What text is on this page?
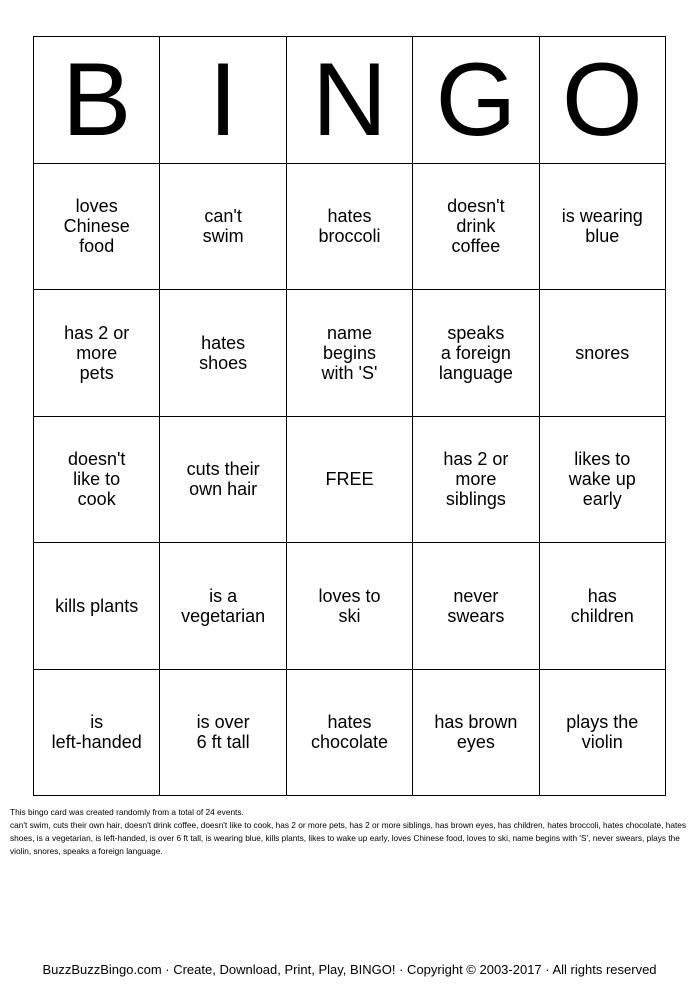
B I N G O
loves
Chinese
food
can't
swim
hates
broccoli
doesn't
drink
coffee
is wearing
blue
has 2 or
more
pets
hates
shoes
name
begins
with 'S'
speaks
a foreign
language
snores
doesn't
like to
cook
cuts their
own hair	FREE
has 2 or
more
siblings
likes to
wake up
early
kills plants	is a
vegetarian
loves to
ski
never
swears
has
children
is
left-handed
is over
6 ft tall
hates
chocolate
has brown
eyes
plays the
violin

This bingo card was created randomly from a total of 24 events.

can't swim, cuts their own hair, doesn't drink coffee, doesn't like to cook, has 2 or more pets, has 2 or more siblings, has brown eyes, has children, hates broccoli, hates chocolate, hates shoes, is a vegetarian, is left-handed, is over 6 ft tall, is wearing blue, kills plants, likes to wake up early, loves Chinese food, loves to ski, name begins with 'S', never swears, plays the violin, snores, speaks a foreign language.

BuzzBuzzBingo.com · Create, Download, Print, Play, BINGO! · Copyright © 2003-2017 · All rights reserved
